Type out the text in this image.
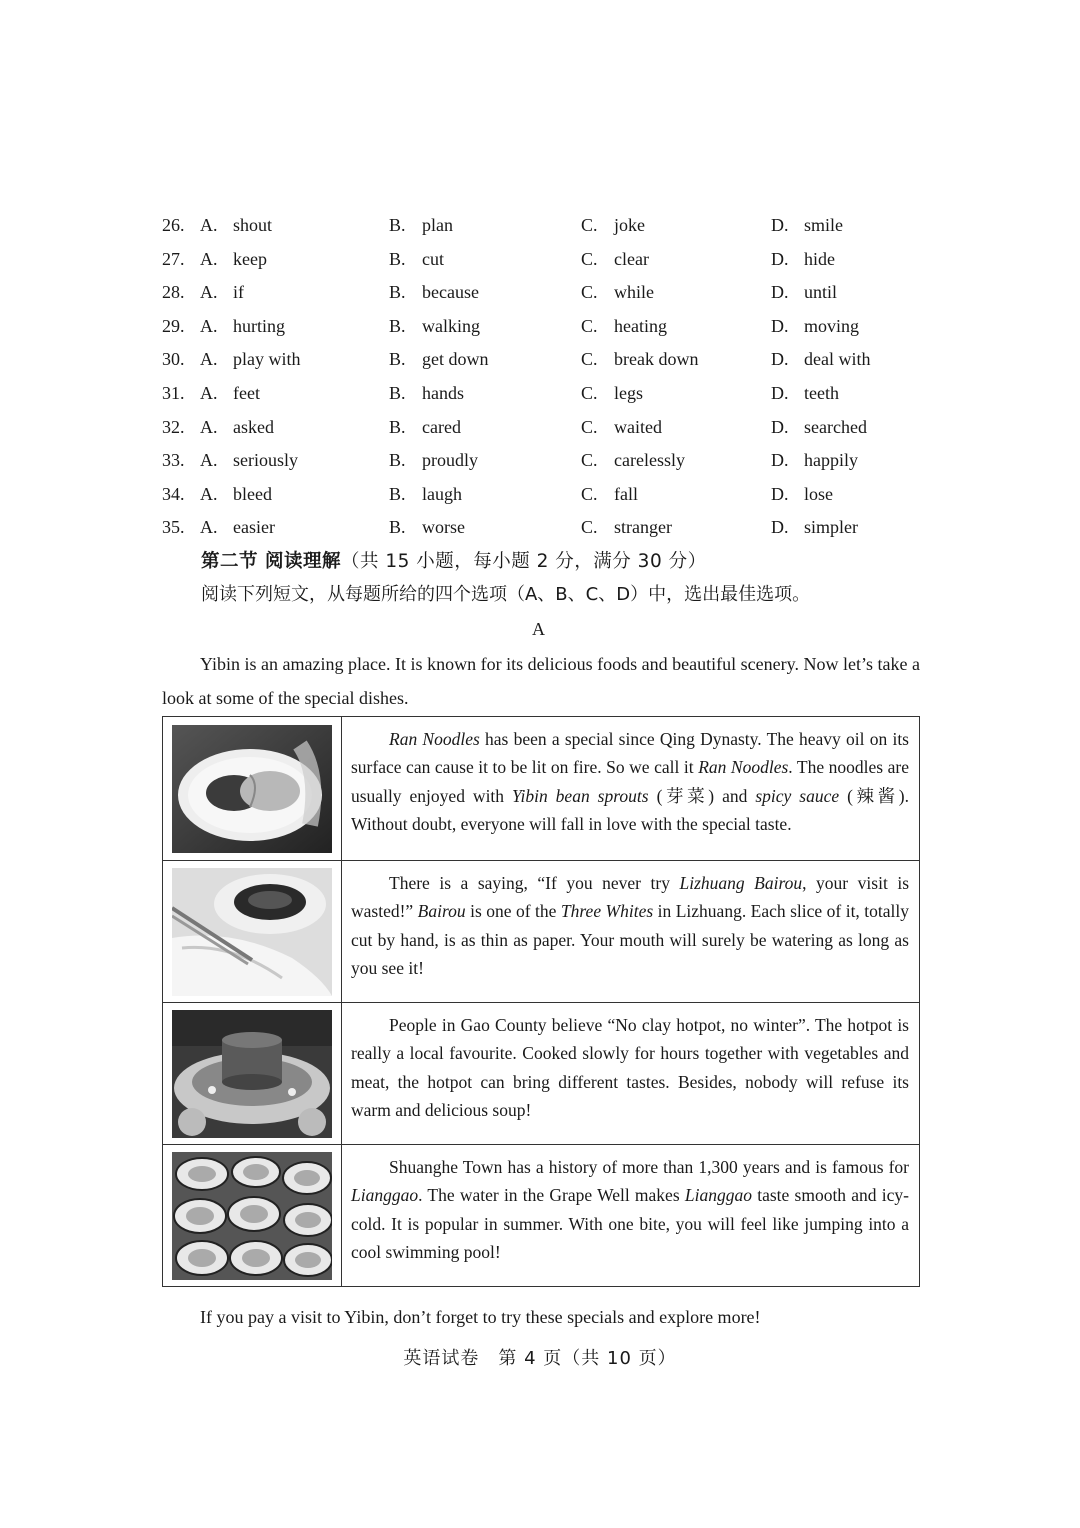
26. A. shout	B. plan	C. joke	D. smile
27. A. keep	B. cut	C. clear	D. hide
28. A. if	B. because	C. while	D. until
29. A. hurting	B. walking	C. heating	D. moving
30. A. play with	B. get down	C. break down	D. deal with
31. A. feet	B. hands	C. legs	D. teeth
32. A. asked	B. cared	C. waited	D. searched
33. A. seriously	B. proudly	C. carelessly	D. happily
34. A. bleed	B. laugh	C. fall	D. lose
35. A. easier	B. worse	C. stranger	D. simpler
第二节 阅读理解（共 15 小题，每小题 2 分，满分 30 分）
阅读下列短文，从每题所给的四个选项（A、B、C、D）中，选出最佳选项。
A
Yibin is an amazing place. It is known for its delicious foods and beautiful scenery. Now let’s take a look at some of the special dishes.
Ran Noodles has been a special since Qing Dynasty. The heavy oil on its surface can cause it to be lit on fire. So we call it Ran Noodles. The noodles are usually enjoyed with Yibin bean sprouts (芽菜) and spicy sauce (辣酱). Without doubt, everyone will fall in love with the special taste.
There is a saying, “If you never try Lizhuang Bairou, your visit is wasted!” Bairou is one of the Three Whites in Lizhuang. Each slice of it, totally cut by hand, is as thin as paper. Your mouth will surely be watering as long as you see it!
People in Gao County believe “No clay hotpot, no winter”. The hotpot is really a local favourite. Cooked slowly for hours together with vegetables and meat, the hotpot can bring different tastes. Besides, nobody will refuse its warm and delicious soup!
Shuanghe Town has a history of more than 1,300 years and is famous for Lianggao. The water in the Grape Well makes Lianggao taste smooth and icy-cold. It is popular in summer. With one bite, you will feel like jumping into a cool swimming pool!
If you pay a visit to Yibin, don’t forget to try these specials and explore more!
英语试卷　第 4 页（共 10 页）
